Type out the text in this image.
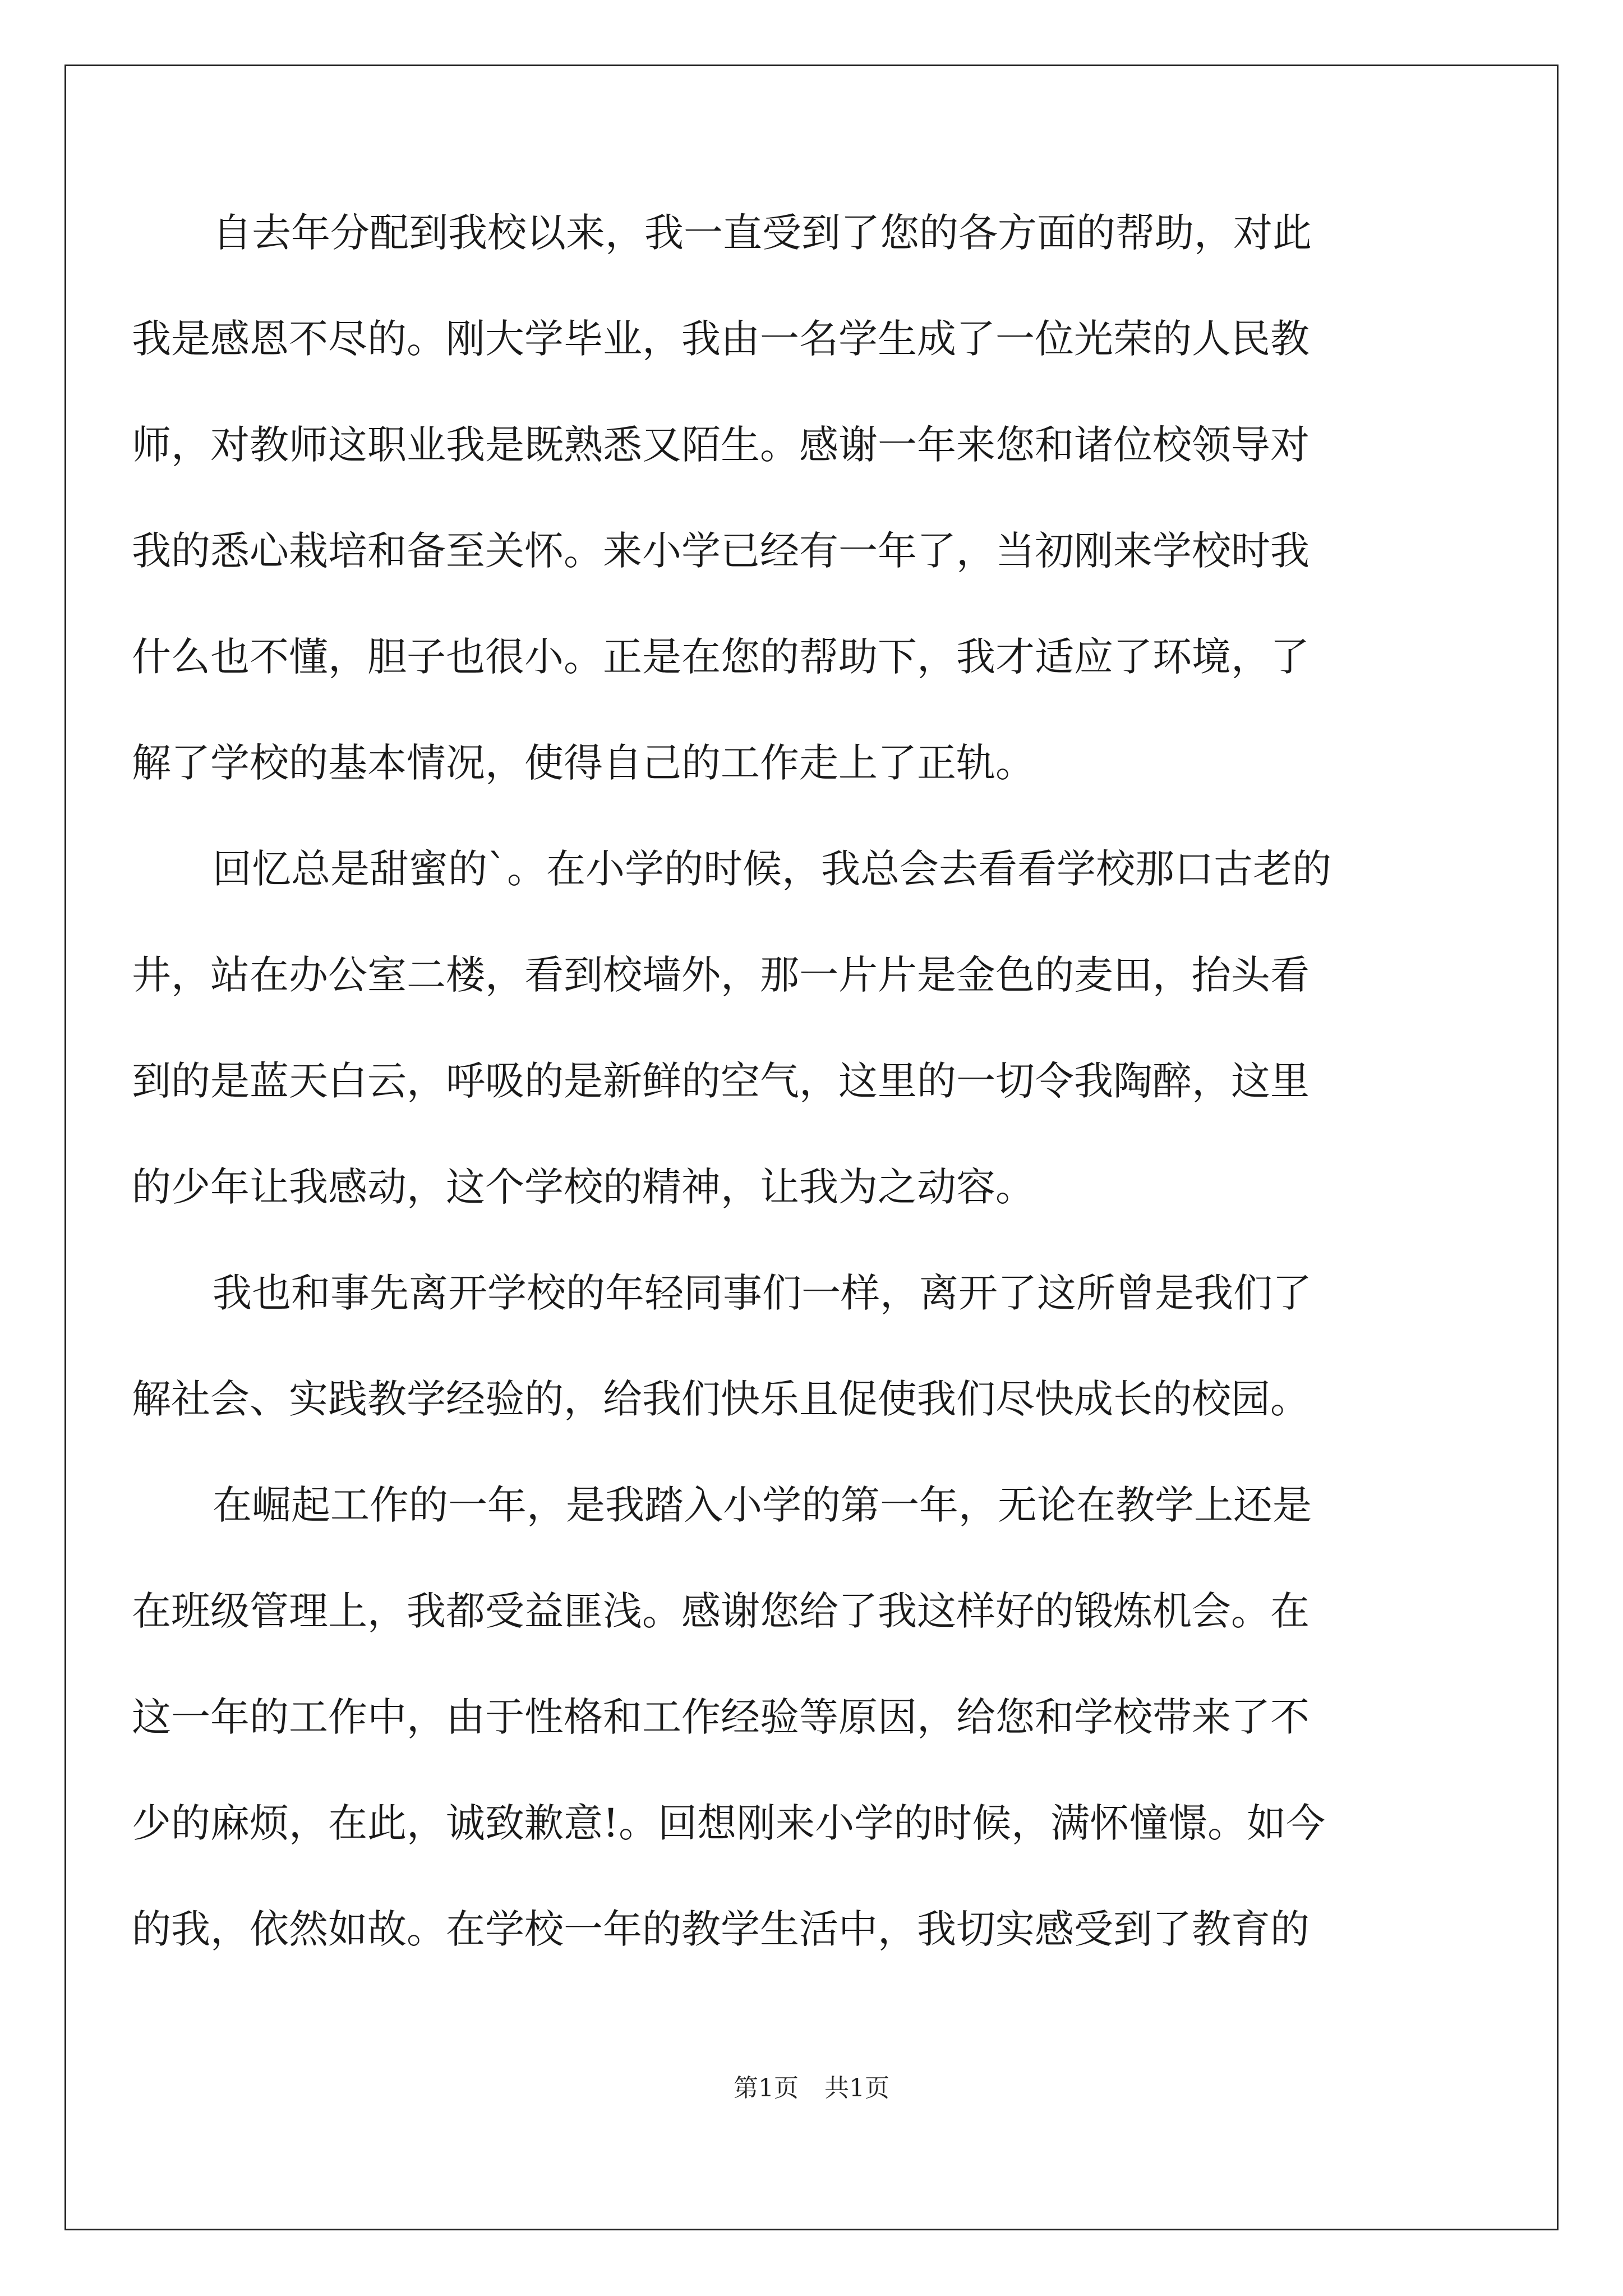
自去年分配到我校以来，我一直受到了您的各方面的帮助，对此
我是感恩不尽的。刚大学毕业，我由一名学生成了一位光荣的人民教
师，对教师这职业我是既熟悉又陌生。感谢一年来您和诸位校领导对
我的悉心栽培和备至关怀。来小学已经有一年了，当初刚来学校时我
什么也不懂，胆子也很小。正是在您的帮助下，我才适应了环境，了
解了学校的基本情况，使得自己的工作走上了正轨。
回忆总是甜蜜的`。在小学的时候，我总会去看看学校那口古老的
井，站在办公室二楼，看到校墙外，那一片片是金色的麦田，抬头看
到的是蓝天白云，呼吸的是新鲜的空气，这里的一切令我陶醉，这里
的少年让我感动，这个学校的精神，让我为之动容。
我也和事先离开学校的年轻同事们一样，离开了这所曾是我们了
解社会、实践教学经验的，给我们快乐且促使我们尽快成长的校园。
在崛起工作的一年，是我踏入小学的第一年，无论在教学上还是
在班级管理上，我都受益匪浅。感谢您给了我这样好的锻炼机会。在
这一年的工作中，由于性格和工作经验等原因，给您和学校带来了不
少的麻烦，在此，诚致歉意!。回想刚来小学的时候，满怀憧憬。如今
的我，依然如故。在学校一年的教学生活中，我切实感受到了教育的
第1页 共1页
